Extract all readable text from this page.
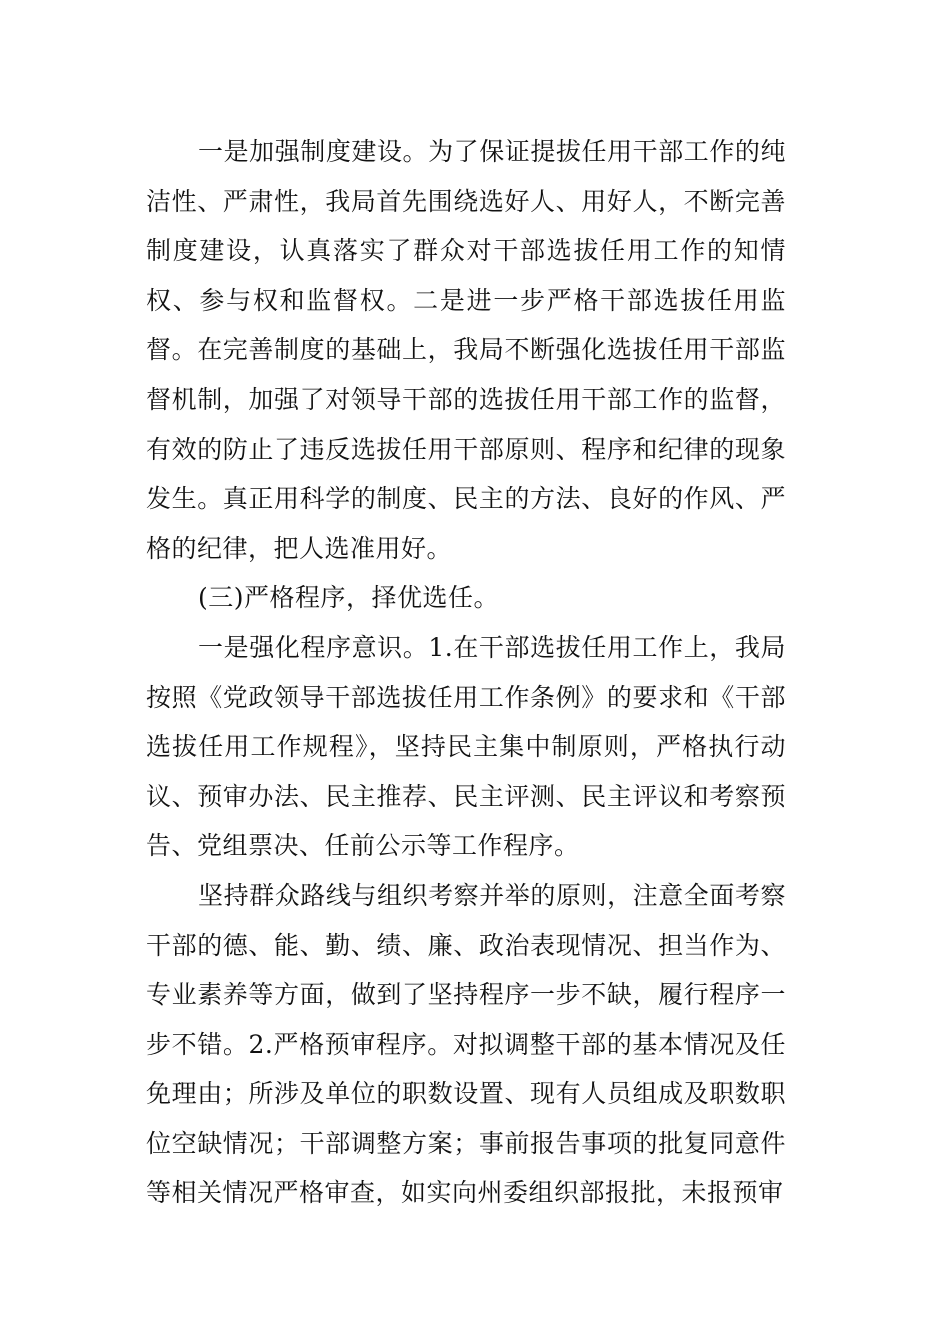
一是加强制度建设。为了保证提拔任用干部工作的纯洁性、严肃性，我局首先围绕选好人、用好人，不断完善制度建设，认真落实了群众对干部选拔任用工作的知情权、参与权和监督权。二是进一步严格干部选拔任用监督。在完善制度的基础上，我局不断强化选拔任用干部监督机制，加强了对领导干部的选拔任用干部工作的监督，有效的防止了违反选拔任用干部原则、程序和纪律的现象发生。真正用科学的制度、民主的方法、良好的作风、严格的纪律，把人选准用好。

(三)严格程序，择优选任。

一是强化程序意识。1.在干部选拔任用工作上，我局按照《党政领导干部选拔任用工作条例》的要求和《干部选拔任用工作规程》，坚持民主集中制原则，严格执行动议、预审办法、民主推荐、民主评测、民主评议和考察预告、党组票决、任前公示等工作程序。

坚持群众路线与组织考察并举的原则，注意全面考察干部的德、能、勤、绩、廉、政治表现情况、担当作为、专业素养等方面，做到了坚持程序一步不缺，履行程序一步不错。2.严格预审程序。对拟调整干部的基本情况及任免理由；所涉及单位的职数设置、现有人员组成及职数职位空缺情况；干部调整方案；事前报告事项的批复同意件等相关情况严格审查，如实向州委组织部报批，未报预审
